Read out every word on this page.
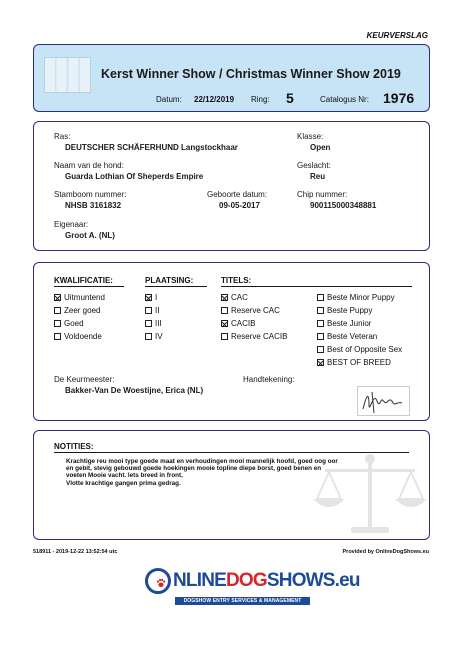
KEURVERSLAG
Kerst Winner Show / Christmas Winner Show 2019
Datum: 22/12/2019 Ring: 5	Catalogus Nr: 1976
Ras:
DEUTSCHER SCHÄFERHUND Langstockhaar
Klasse:
Open
Naam van de hond:
Guarda Lothian Of Sheperds Empire
Geslacht:
Reu
Stamboom nummer:
NHSB 3161832
Geboorte datum:
09-05-2017
Chip nummer:
900115000348881
Eigenaar:
Groot A. (NL)
KWALIFICATIE:	PLAATSING:	TITELS:
Uitmuntend
Zeer goed
Goed
Voldoende
I
II
III
IV
CAC
Reserve CAC
CACIB
Reserve CACIB
Beste Minor Puppy
Beste Puppy
Beste Junior
Beste Veteran
Best of Opposite Sex
BEST OF BREED
De Keurmeester:
Bakker-Van De Woestijne, Erica (NL)
Handtekening:
NOTITIES:
Krachtige reu mooi type goede maat en verhoudingen mooi mannelijk hoofd, goed oog oor
en gebit, stevig gebouwd goede hoekingen mooie topline diepe borst, goed benen en
voeten Mooie vacht. lets breed in front,
Vlotte krachtige gangen prima gedrag.
518911 - 2019-12-22 13:52:54 utc	Provided by OnlineDogShows.eu
NLINEDOGSHOWS.eu
DOGSHOW ENTRY SERVICES & MANAGEMENT
